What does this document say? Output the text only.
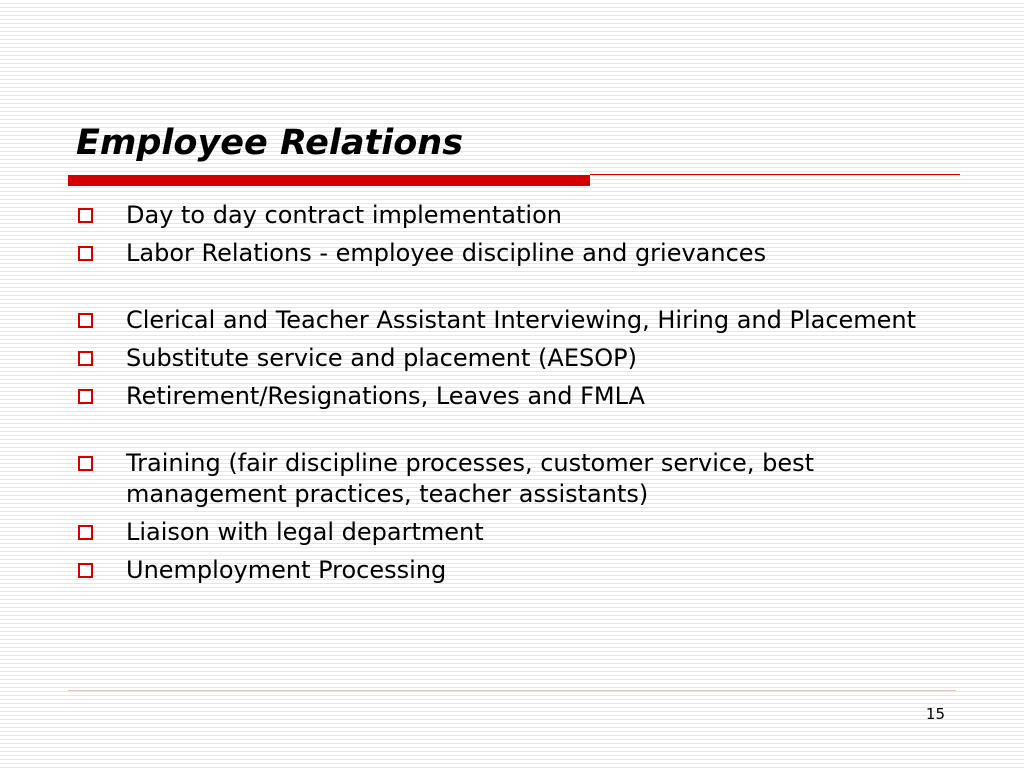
Employee Relations
Day to day contract implementation
Labor Relations - employee discipline and grievances
Clerical and Teacher Assistant Interviewing, Hiring and Placement
Substitute service and placement (AESOP)
Retirement/Resignations, Leaves and FMLA
Training (fair discipline processes, customer service, best management practices, teacher assistants)
Liaison with legal department
Unemployment Processing
15
